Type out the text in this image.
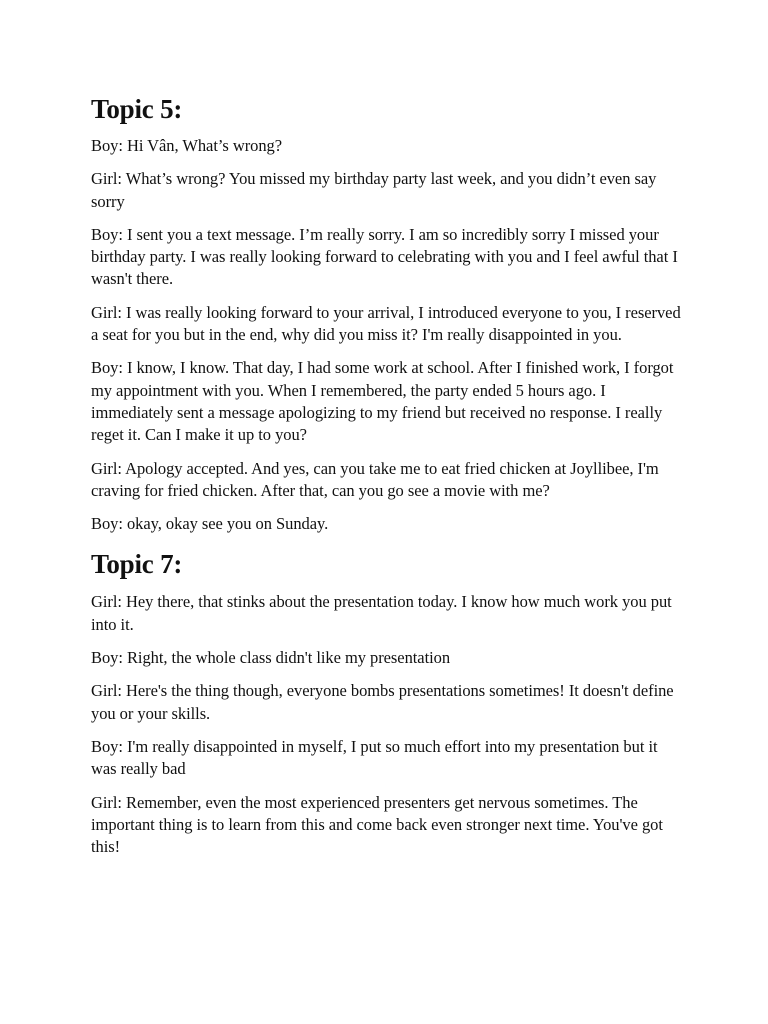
Topic 5:

Boy: Hi Vân, What’s wrong?

Girl: What’s wrong? You missed my birthday party last week, and you didn’t even say sorry

Boy: I sent you a text message. I’m really sorry. I am so incredibly sorry I missed your birthday party. I was really looking forward to celebrating with you and I feel awful that I wasn't there.

Girl: I was really looking forward to your arrival, I introduced everyone to you, I reserved a seat for you but in the end, why did you miss it? I'm really disappointed in you.

Boy: I know, I know. That day, I had some work at school. After I finished work, I forgot my appointment with you. When I remembered, the party ended 5 hours ago. I immediately sent a message apologizing to my friend but received no response. I really reget it. Can I make it up to you?

Girl: Apology accepted. And yes, can you take me to eat fried chicken at Joyllibee, I'm craving for fried chicken. After that, can you go see a movie with me?

Boy: okay, okay see you on Sunday.

Topic 7:

Girl: Hey there, that stinks about the presentation today. I know how much work you put into it.

Boy: Right, the whole class didn't like my presentation

Girl: Here's the thing though, everyone bombs presentations sometimes! It doesn't define you or your skills.

Boy: I'm really disappointed in myself, I put so much effort into my presentation but it was really bad

Girl: Remember, even the most experienced presenters get nervous sometimes. The important thing is to learn from this and come back even stronger next time. You've got this!
